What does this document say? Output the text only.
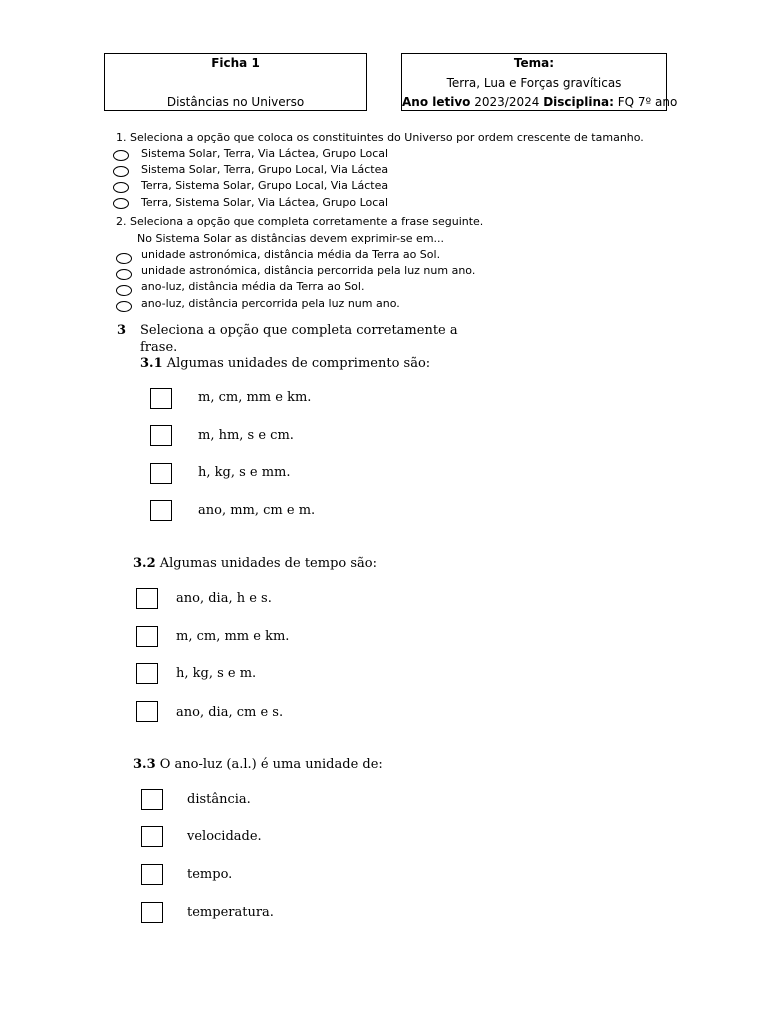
Ficha 1
Distâncias no Universo
Tema:
Terra, Lua e Forças gravíticas
Ano letivo 2023/2024 Disciplina: FQ 7º ano
1. Seleciona a opção que coloca os constituintes do Universo por ordem crescente de tamanho.
Sistema Solar, Terra, Via Láctea, Grupo Local
Sistema Solar, Terra, Grupo Local, Via Láctea
Terra, Sistema Solar, Grupo Local, Via Láctea
Terra, Sistema Solar, Via Láctea, Grupo Local
2. Seleciona a opção que completa corretamente a frase seguinte.
No Sistema Solar as distâncias devem exprimir-se em...
unidade astronómica, distância média da Terra ao Sol.
unidade astronómica, distância percorrida pela luz num ano.
ano-luz, distância média da Terra ao Sol.
ano-luz, distância percorrida pela luz num ano.
3 Seleciona a opção que completa corretamente a
frase.
3.1 Algumas unidades de comprimento são:
m, cm, mm e km.
m, hm, s e cm.
h, kg, s e mm.
ano, mm, cm e m.
3.2 Algumas unidades de tempo são:
ano, dia, h e s.
m, cm, mm e km.
h, kg, s e m.
ano, dia, cm e s.
3.3 O ano-luz (a.l.) é uma unidade de:
distância.
velocidade.
tempo.
temperatura.
